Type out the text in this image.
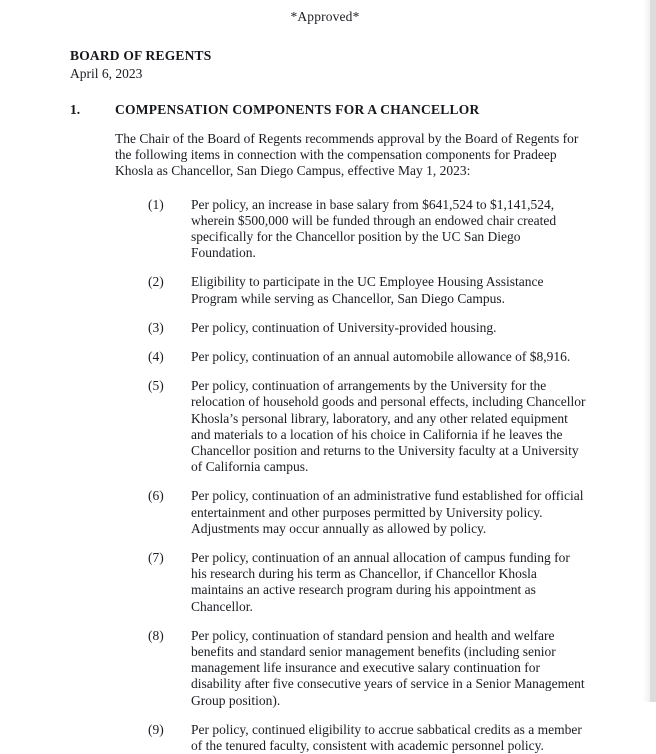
*Approved*
BOARD OF REGENTS
April 6, 2023
1.	COMPENSATION COMPONENTS FOR A CHANCELLOR
The Chair of the Board of Regents recommends approval by the Board of Regents for the following items in connection with the compensation components for Pradeep Khosla as Chancellor, San Diego Campus, effective May 1, 2023:
(1) Per policy, an increase in base salary from $641,524 to $1,141,524, wherein $500,000 will be funded through an endowed chair created specifically for the Chancellor position by the UC San Diego Foundation.
(2) Eligibility to participate in the UC Employee Housing Assistance Program while serving as Chancellor, San Diego Campus.
(3) Per policy, continuation of University-provided housing.
(4) Per policy, continuation of an annual automobile allowance of $8,916.
(5) Per policy, continuation of arrangements by the University for the relocation of household goods and personal effects, including Chancellor Khosla’s personal library, laboratory, and any other related equipment and materials to a location of his choice in California if he leaves the Chancellor position and returns to the University faculty at a University of California campus.
(6) Per policy, continuation of an administrative fund established for official entertainment and other purposes permitted by University policy. Adjustments may occur annually as allowed by policy.
(7) Per policy, continuation of an annual allocation of campus funding for his research during his term as Chancellor, if Chancellor Khosla maintains an active research program during his appointment as Chancellor.
(8) Per policy, continuation of standard pension and health and welfare benefits and standard senior management benefits (including senior management life insurance and executive salary continuation for disability after five consecutive years of service in a Senior Management Group position).
(9) Per policy, continued eligibility to accrue sabbatical credits as a member of the tenured faculty, consistent with academic personnel policy.
